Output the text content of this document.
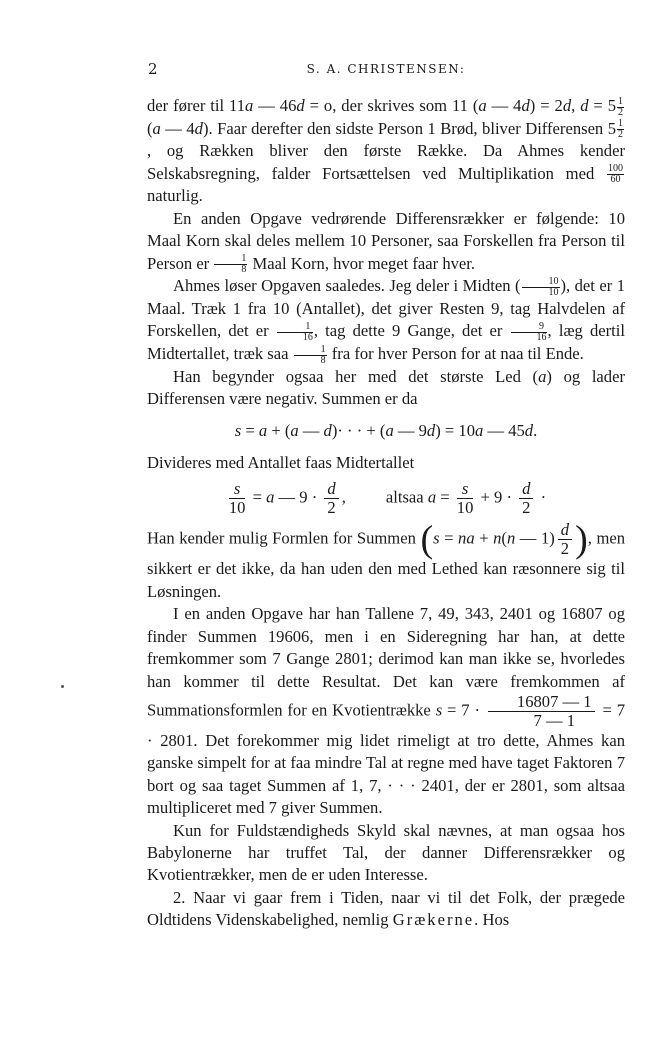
2	S. A. CHRISTENSEN:

der fører til 11a — 46d = o, der skrives som 11 (a — 4d) = 2d, $d = 5 \frac{1}{2}$
(a — 4d). Faar derefter den sidste Person 1 Brød, bliver Differensen $5 \frac{1}{2}$
, og Rækken bliver den første Række. Da Ahmes kender Selskabsregning, falder Fortsættelsen ved Multiplikation med $\frac{100}{60}$
naturlig.

En anden Opgave vedrørende Differensrækker er følgende: 10 Maal Korn skal deles mellem 10 Personer, saa Forskellen fra Person til Person er $\frac{1}{8}$ Maal Korn, hvor meget faar hver.

Ahmes løser Opgaven saaledes. Jeg deler i Midten ( $\frac{10}{10}$ ), det er 1 Maal. Træk 1 fra 10 (Antallet), det giver Resten 9, tag Halvdelen af Forskellen, det er $\frac{1}{16}$ , tag dette 9 Gange, det er $\frac{9}{16}$ , læg dertil Midtertallet, træk saa $\frac{1}{8}$ fra for hver Person for at naa til Ende.

Han begynder ogsaa her med det største Led (a) og lader Differensen være negativ. Summen er da

s = a + (a — d)· · · + (a — 9d) = 10a — 45d.

Divideres med Antallet faas Midtertallet

$\frac{s}{10} = a$ — $9 \cdot \frac{d}{2}$ , altsaa $a = \frac{s}{10} + 9 \cdot \frac{d}{2}$ ·

Han kender mulig Formlen for Summen (s = na + n(n — $1) \frac{d}{2}$ ), men sikkert er det ikke, da han uden den med Lethed kan ræsonnere sig til Løsningen.

I en anden Opgave har han Tallene 7, 49, 343, 2401 og 16807 og finder Summen 19606, men i en Sideregning har han, at dette fremkommer som 7 Gange 2801; derimod kan man ikke se, hvorledes han kommer til dette Resultat. Det kan være fremkommen af Summationsformlen for en Kvotientrække $s = 7 \cdot \frac{16807 — 1}{7 — 1} = 7 \cdot 2801$. Det forekommer mig lidet rimeligt at tro dette, Ahmes kan ganske simpelt for at faa mindre Tal at regne med have taget Faktoren 7 bort og saa taget Summen af 1, 7, · · · 2401, der er 2801, som altsaa multipliceret med 7 giver Summen.

Kun for Fuldstændigheds Skyld skal nævnes, at man ogsaa hos Babylonerne har truffet Tal, der danner Differensrækker og Kvotientrækker, men de er uden Interesse.

2. Naar vi gaar frem i Tiden, naar vi til det Folk, der prægede Oldtidens Videnskabelighed, nemlig Grækerne. Hos
